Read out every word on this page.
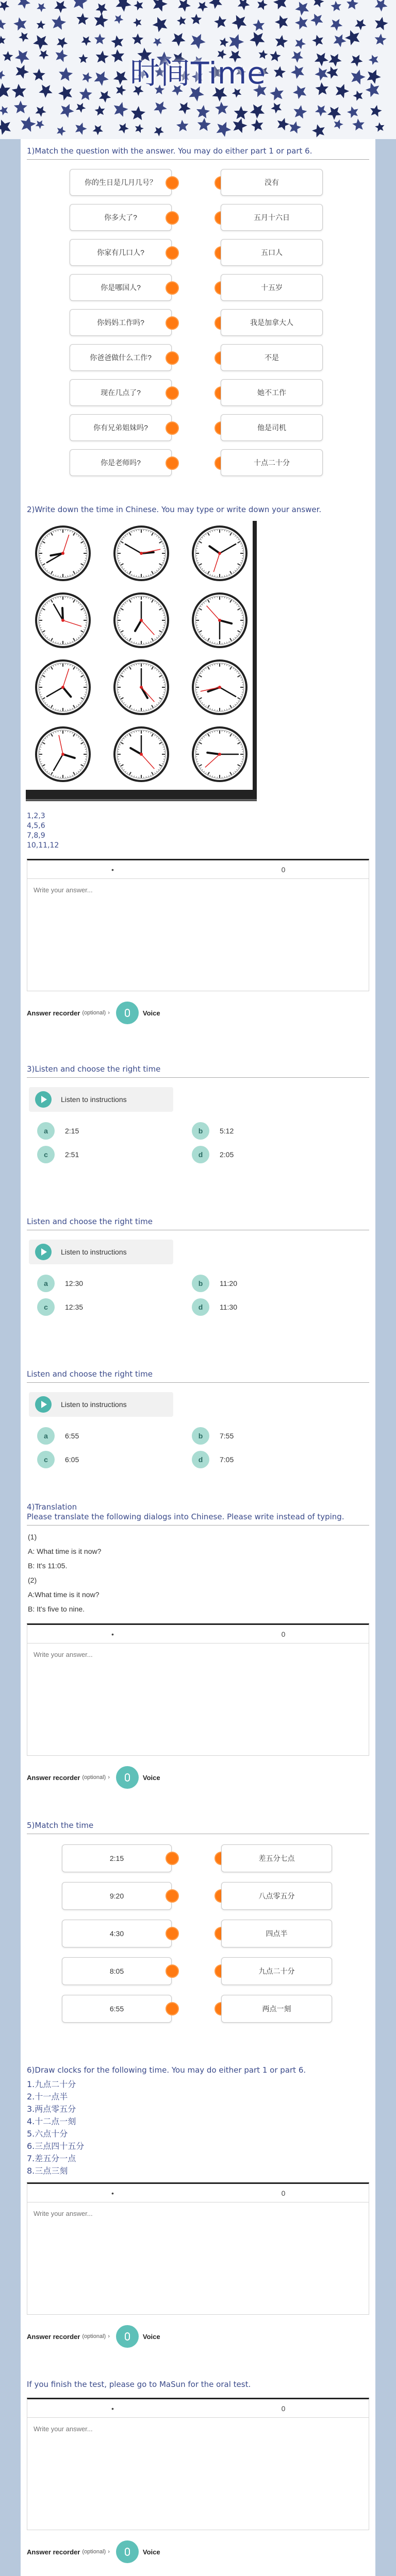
时间Time
1)Match the question with the answer. You may do either part 1 or part 6.
你的生日是几月几号？	没有
你多大了?	五月十六日
你家有几口人?	五口人
你是哪国人?	十五岁
你妈妈工作吗?	我是加拿大人
你爸爸做什么工作?	不是
现在几点了?	她不工作
你有兄弟姐妹吗?	他是司机
你是老师吗?	十点二十分
2)Write down the time in Chinese. You may type or write down your answer.
1	2	3
4	5	6
7	8	9
10	11	12
1,2,3
4,5,6
7,8,9
10,11,12
•	0
Write your answer...
Answer recorder (optional) ›	Voice
3)Listen and choose the right time
Listen to instructions
a	2:15	b	5:12
c	2:51	d	2:05
Listen and choose the right time
Listen to instructions
a	12:30	b	11:20
c	12:35	d	11:30
Listen and choose the right time
Listen to instructions
a	6:55	b	7:55
c	6:05	d	7:05
4)Translation
Please translate the following dialogs into Chinese. Please write instead of typing.
(1)
A: What time is it now?
B: It's 11:05.
(2)
A:What time is it now?
B: It's five to nine.
•	0
Write your answer...
Answer recorder (optional) ›	Voice
5)Match the time
2:15	差五分七点
9:20	八点零五分
4:30	四点半
8:05	九点二十分
6:55	两点一刻
6)Draw clocks for the following time. You may do either part 1 or part 6.
1.九点二十分
2.十一点半
3.两点零五分
4.十二点一刻
5.六点十分
6.三点四十五分
7.差五分一点
8.三点三刻
•	0
Write your answer...
Answer recorder (optional) ›	Voice
If you finish the test, please go to MaSun for the oral test.
•	0
Write your answer...
Answer recorder (optional) ›	Voice
